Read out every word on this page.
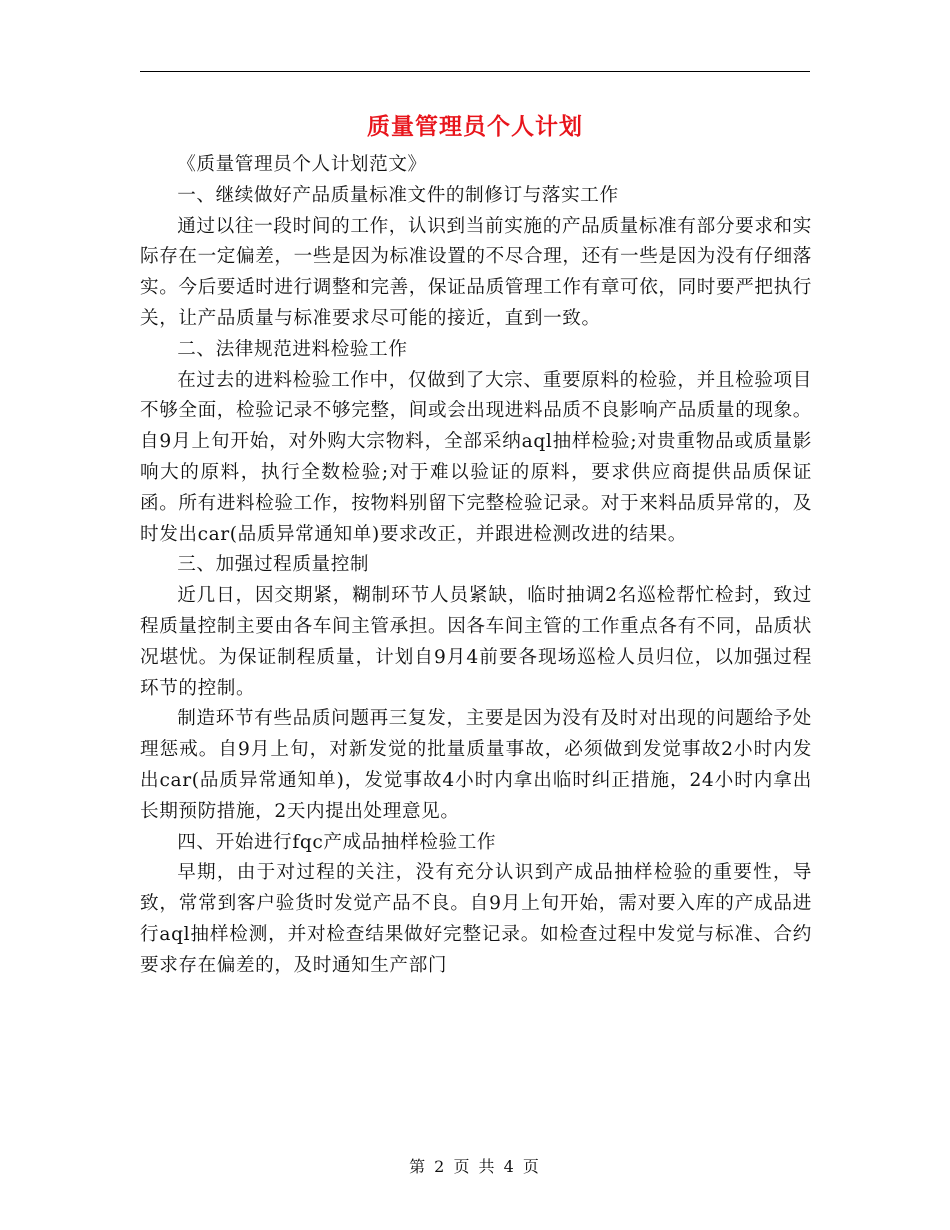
质量管理员个人计划

《质量管理员个人计划范文》

一、继续做好产品质量标准文件的制修订与落实工作

通过以往一段时间的工作，认识到当前实施的产品质量标准有部分要求和实际存在一定偏差，一些是因为标准设置的不尽合理，还有一些是因为没有仔细落实。今后要适时进行调整和完善，保证品质管理工作有章可依，同时要严把执行关，让产品质量与标准要求尽可能的接近，直到一致。

二、法律规范进料检验工作

在过去的进料检验工作中，仅做到了大宗、重要原料的检验，并且检验项目不够全面，检验记录不够完整，间或会出现进料品质不良影响产品质量的现象。自9月上旬开始，对外购大宗物料，全部采纳aql抽样检验;对贵重物品或质量影响大的原料，执行全数检验;对于难以验证的原料，要求供应商提供品质保证函。所有进料检验工作，按物料别留下完整检验记录。对于来料品质异常的，及时发出car(品质异常通知单)要求改正，并跟进检测改进的结果。

三、加强过程质量控制

近几日，因交期紧，糊制环节人员紧缺，临时抽调2名巡检帮忙检封，致过程质量控制主要由各车间主管承担。因各车间主管的工作重点各有不同，品质状况堪忧。为保证制程质量，计划自9月4前要各现场巡检人员归位，以加强过程环节的控制。

制造环节有些品质问题再三复发，主要是因为没有及时对出现的问题给予处理惩戒。自9月上旬，对新发觉的批量质量事故，必须做到发觉事故2小时内发出car(品质异常通知单)，发觉事故4小时内拿出临时纠正措施，24小时内拿出长期预防措施，2天内提出处理意见。

四、开始进行fqc产成品抽样检验工作

早期，由于对过程的关注，没有充分认识到产成品抽样检验的重要性，导致，常常到客户验货时发觉产品不良。自9月上旬开始，需对要入库的产成品进行aql抽样检测，并对检查结果做好完整记录。如检查过程中发觉与标准、合约要求存在偏差的，及时通知生产部门

第 2 页 共 4 页
